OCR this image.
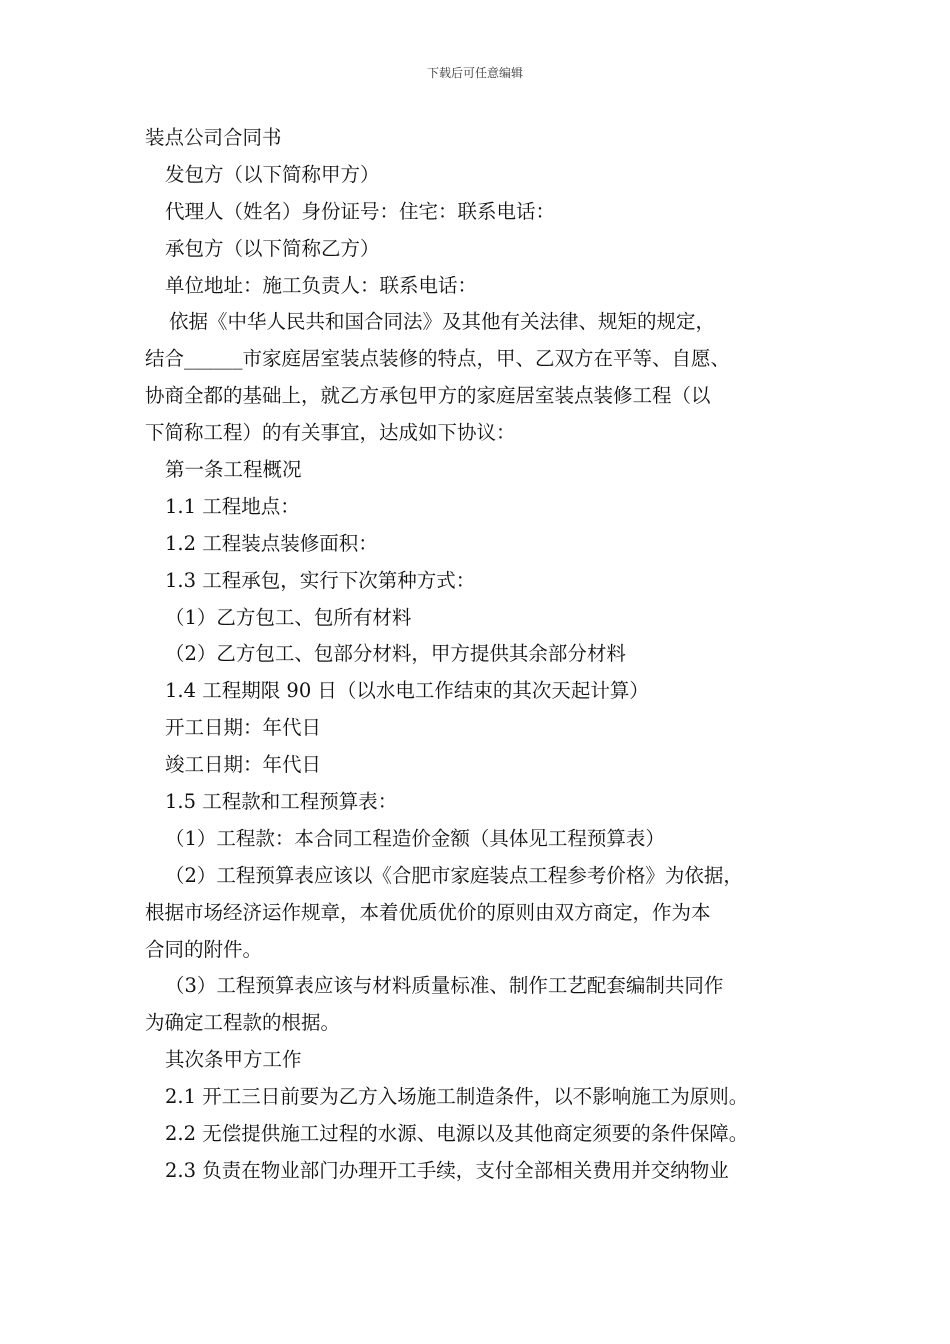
下载后可任意编辑

装点公司合同书

发包方（以下简称甲方）

代理人（姓名）身份证号：住宅：联系电话：

承包方（以下简称乙方）

单位地址：施工负责人：联系电话：

依据《中华人民共和国合同法》及其他有关法律、规矩的规定，

结合______市家庭居室装点装修的特点，甲、乙双方在平等、自愿、

协商全都的基础上，就乙方承包甲方的家庭居室装点装修工程（以

下简称工程）的有关事宜，达成如下协议：

第一条工程概况

1.1 工程地点：

1.2 工程装点装修面积：

1.3 工程承包，实行下次第种方式：

（1）乙方包工、包所有材料

（2）乙方包工、包部分材料，甲方提供其余部分材料

1.4 工程期限 90 日（以水电工作结束的其次天起计算）

开工日期：年代日

竣工日期：年代日

1.5 工程款和工程预算表：

（1）工程款：本合同工程造价金额（具体见工程预算表）

（2）工程预算表应该以《合肥市家庭装点工程参考价格》为依据，

根据市场经济运作规章，本着优质优价的原则由双方商定，作为本

合同的附件。

（3）工程预算表应该与材料质量标准、制作工艺配套编制共同作

为确定工程款的根据。

其次条甲方工作

2.1 开工三日前要为乙方入场施工制造条件，以不影响施工为原则。

2.2 无偿提供施工过程的水源、电源以及其他商定须要的条件保障。

2.3 负责在物业部门办理开工手续，支付全部相关费用并交纳物业
